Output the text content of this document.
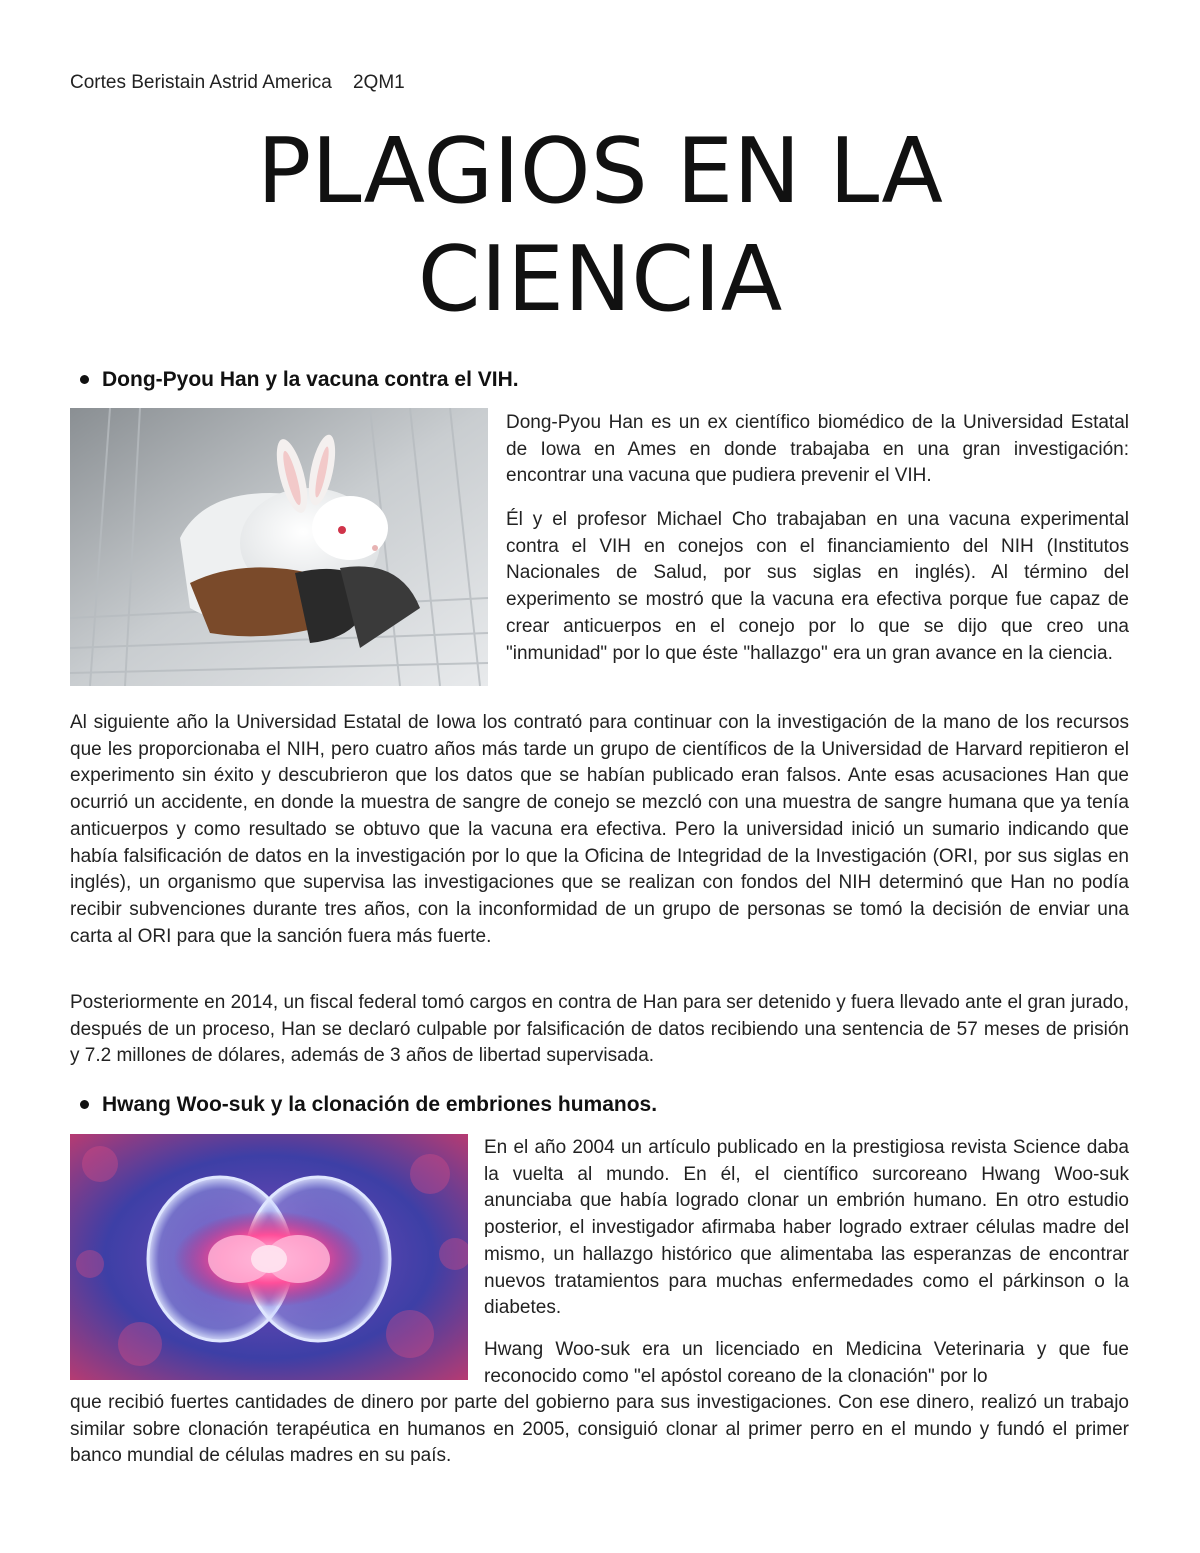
Cortes Beristain Astrid America    2QM1
PLAGIOS EN LA
CIENCIA
Dong-Pyou Han y la vacuna contra el VIH.

Dong-Pyou Han es un ex científico biomédico de la Universidad Estatal de Iowa en Ames en donde trabajaba en una gran investigación: encontrar una vacuna que pudiera prevenir el VIH.

Él y el profesor Michael Cho trabajaban en una vacuna experimental contra el VIH en conejos con el financiamiento del NIH (Institutos Nacionales de Salud, por sus siglas en inglés). Al término del experimento se mostró que la vacuna era efectiva porque fue capaz de crear anticuerpos en el conejo por lo que se dijo que creo una "inmunidad" por lo que éste "hallazgo" era un gran avance en la ciencia.

Al siguiente año la Universidad Estatal de Iowa los contrató para continuar con la investigación de la mano de los recursos que les proporcionaba el NIH, pero cuatro años más tarde un grupo de científicos de la Universidad de Harvard repitieron el experimento sin éxito y descubrieron que los datos que se habían publicado eran falsos. Ante esas acusaciones Han que ocurrió un accidente, en donde la muestra de sangre de conejo se mezcló con una muestra de sangre humana que ya tenía anticuerpos y como resultado se obtuvo que la vacuna era efectiva. Pero la universidad inició un sumario indicando que había falsificación de datos en la investigación por lo que la Oficina de Integridad de la Investigación (ORI, por sus siglas en inglés), un organismo que supervisa las investigaciones que se realizan con fondos del NIH determinó que Han no podía recibir subvenciones durante tres años, con la inconformidad de un grupo de personas se tomó la decisión de enviar una carta al ORI para que la sanción fuera más fuerte.

Posteriormente en 2014, un fiscal federal tomó cargos en contra de Han para ser detenido y fuera llevado ante el gran jurado, después de un proceso, Han se declaró culpable por falsificación de datos recibiendo una sentencia de 57 meses de prisión y 7.2 millones de dólares, además de 3 años de libertad supervisada.

Hwang Woo-suk y la clonación de embriones humanos.

En el año 2004 un artículo publicado en la prestigiosa revista Science daba la vuelta al mundo. En él, el científico surcoreano Hwang Woo-suk anunciaba que había logrado clonar un embrión humano. En otro estudio posterior, el investigador afirmaba haber logrado extraer células madre del mismo, un hallazgo histórico que alimentaba las esperanzas de encontrar nuevos tratamientos para muchas enfermedades como el párkinson o la diabetes.

Hwang Woo-suk era un licenciado en Medicina Veterinaria y que fue reconocido como "el apóstol coreano de la clonación" por lo

que recibió fuertes cantidades de dinero por parte del gobierno para sus investigaciones. Con ese dinero, realizó un trabajo similar sobre clonación terapéutica en humanos en 2005, consiguió clonar al primer perro en el mundo y fundó el primer banco mundial de células madres en su país.
